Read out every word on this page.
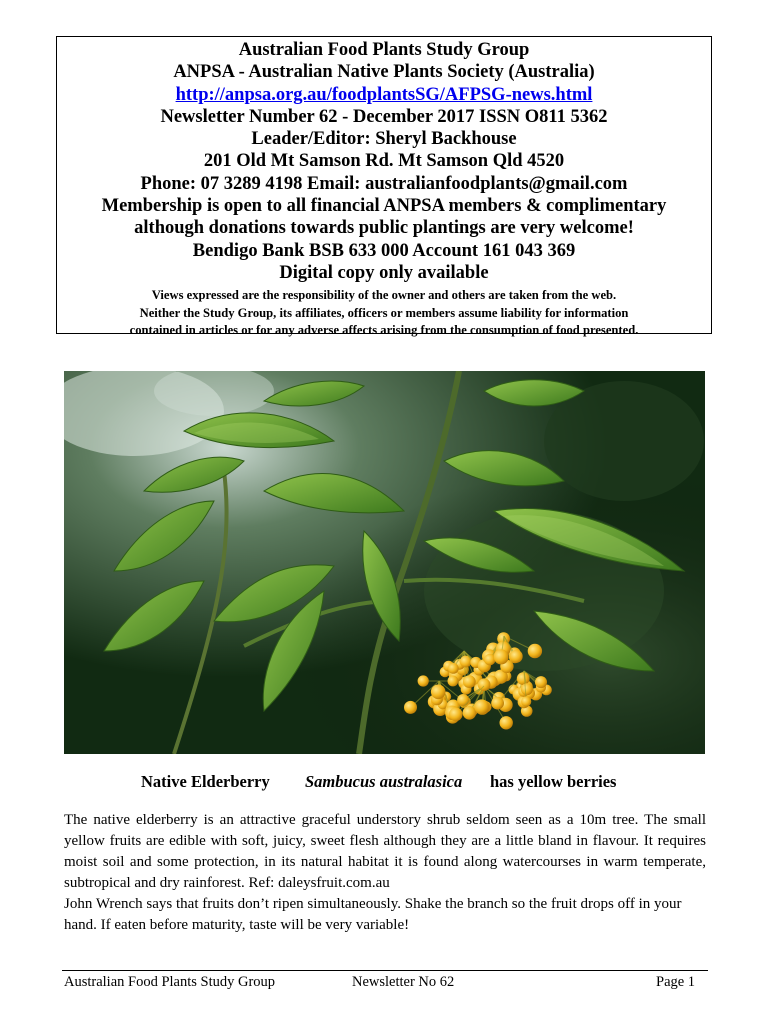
Australian Food Plants Study Group
ANPSA - Australian Native Plants Society (Australia)
http://anpsa.org.au/foodplantsSG/AFPSG-news.html
Newsletter Number 62 - December 2017 ISSN O811 5362
Leader/Editor: Sheryl Backhouse
201 Old Mt Samson Rd. Mt Samson Qld 4520
Phone: 07 3289 4198 Email: australianfoodplants@gmail.com
Membership is open to all financial ANPSA members & complimentary
although donations towards public plantings are very welcome!
Bendigo Bank BSB 633 000 Account 161 043 369
Digital copy only available
Views expressed are the responsibility of the owner and others are taken from the web.
Neither the Study Group, its affiliates, officers or members assume liability for information
contained in articles or for any adverse affects arising from the consumption of food presented.
Native Elderberry Sambucus australasica has yellow berries

The native elderberry is an attractive graceful understory shrub seldom seen as a 10m tree. The small yellow fruits are edible with soft, juicy, sweet flesh although they are a little bland in flavour. It requires moist soil and some protection, in its natural habitat it is found along watercourses in warm temperate, subtropical and dry rainforest. Ref: daleysfruit.com.au

John Wrench says that fruits don’t ripen simultaneously. Shake the branch so the fruit drops off in your hand. If eaten before maturity, taste will be very variable!

Australian Food Plants Study Group	Newsletter No 62	Page 1
